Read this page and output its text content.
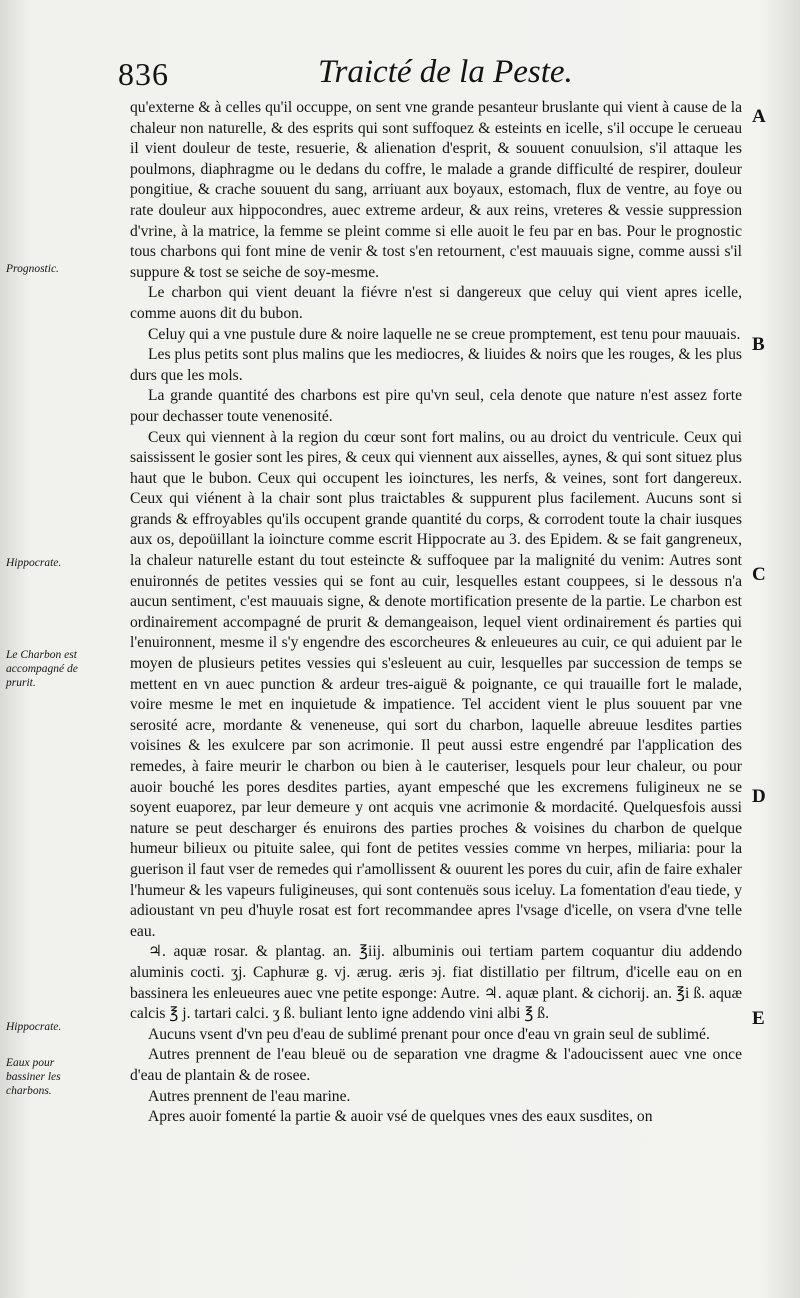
836	Traicté de la Peste.

qu'externe & à celles qu'il occuppe, on sent vne grande pesanteur bruslante qui vient à cause de la chaleur non naturelle, & des esprits qui sont suffoquez & esteints en icelle, s'il occupe le cerueau il vient douleur de teste, resuerie, & alienation d'esprit, & souuent conuulsion, s'il attaque les poulmons, diaphragme ou le dedans du coffre, le malade a grande difficulté de respirer, douleur pongitiue, & crache souuent du sang, arriuant aux boyaux, estomach, flux de ventre, au foye ou rate douleur aux hippocondres, auec extreme ardeur, & aux reins, vreteres & vessie suppression d'vrine, à la matrice, la femme se pleint comme si elle auoit le feu par en bas. Pour le prognostic tous charbons qui font mine de venir & tost s'en retournent, c'est mauuais signe, comme aussi s'il suppure & tost se seiche de soy-mesme.

Le charbon qui vient deuant la fiévre n'est si dangereux que celuy qui vient apres icelle, comme auons dit du bubon.

Celuy qui a vne pustule dure & noire laquelle ne se creue promptement, est tenu pour mauuais.

Les plus petits sont plus malins que les mediocres, & liuides & noirs que les rouges, & les plus durs que les mols.

La grande quantité des charbons est pire qu'vn seul, cela denote que nature n'est assez forte pour dechasser toute venenosité.

Ceux qui viennent à la region du cœur sont fort malins, ou au droict du ventricule. Ceux qui saississent le gosier sont les pires, & ceux qui viennent aux aisselles, aynes, & qui sont situez plus haut que le bubon. Ceux qui occupent les ioinctures, les nerfs, & veines, sont fort dangereux. Ceux qui viénent à la chair sont plus traictables & suppurent plus facilement. Aucuns sont si grands & effroyables qu'ils occupent grande quantité du corps, & corrodent toute la chair iusques aux os, depoüillant la ioincture comme escrit Hippocrate au 3. des Epidem. & se fait gangreneux, la chaleur naturelle estant du tout esteincte & suffoquee par la malignité du venim: Autres sont enuironnés de petites vessies qui se font au cuir, lesquelles estant couppees, si le dessous n'a aucun sentiment, c'est mauuais signe, & denote mortification presente de la partie. Le charbon est ordinairement accompagné de prurit & demangeaison, lequel vient ordinairement és parties qui l'enuironnent, mesme il s'y engendre des escorcheures & enleueures au cuir, ce qui aduient par le moyen de plusieurs petites vessies qui s'esleuent au cuir, lesquelles par succession de temps se mettent en vn auec punction & ardeur tres-aiguë & poignante, ce qui trauaille fort le malade, voire mesme le met en inquietude & impatience. Tel accident vient le plus souuent par vne serosité acre, mordante & veneneuse, qui sort du charbon, laquelle abreuue lesdites parties voisines & les exulcere par son acrimonie. Il peut aussi estre engendré par l'application des remedes, à faire meurir le charbon ou bien à le cauteriser, lesquels pour leur chaleur, ou pour auoir bouché les pores desdites parties, ayant empesché que les excremens fuligineux ne se soyent euaporez, par leur demeure y ont acquis vne acrimonie & mordacité. Quelquesfois aussi nature se peut descharger és enuirons des parties proches & voisines du charbon de quelque humeur bilieux ou pituite salee, qui font de petites vessies comme vn herpes, miliaria: pour la guerison il faut vser de remedes qui r'amollissent & ouurent les pores du cuir, afin de faire exhaler l'humeur & les vapeurs fuligineuses, qui sont contenuës sous iceluy. La fomentation d'eau tiede, y adioustant vn peu d'huyle rosat est fort recommandee apres l'vsage d'icelle, on vsera d'vne telle eau.

♃. aquæ rosar. & plantag. an. ℥iij. albuminis oui tertiam partem coquantur diu addendo aluminis cocti. ʒj. Caphuræ g. vj. ærug. æris ϶j. fiat distillatio per filtrum, d'icelle eau on en bassinera les enleueures auec vne petite esponge: Autre. ♃. aquæ plant. & cichorij. an. ℥i ß. aquæ calcis ℥ j. tartari calci. ʒ ß. buliant lento igne addendo vini albi ℥ ß.

Aucuns vsent d'vn peu d'eau de sublimé prenant pour once d'eau vn grain seul de sublimé.

Autres prennent de l'eau bleuë ou de separation vne dragme & l'adoucissent auec vne once d'eau de plantain & de rosee.

Autres prennent de l'eau marine.

Apres auoir fomenté la partie & auoir vsé de quelques vnes des eaux susdites, on

Prognostic.
Hippocrate.
Le Charbon est accompagné de prurit.
Hippocrate.
Eaux pour bassiner les charbons.
A
B
C
D
E
